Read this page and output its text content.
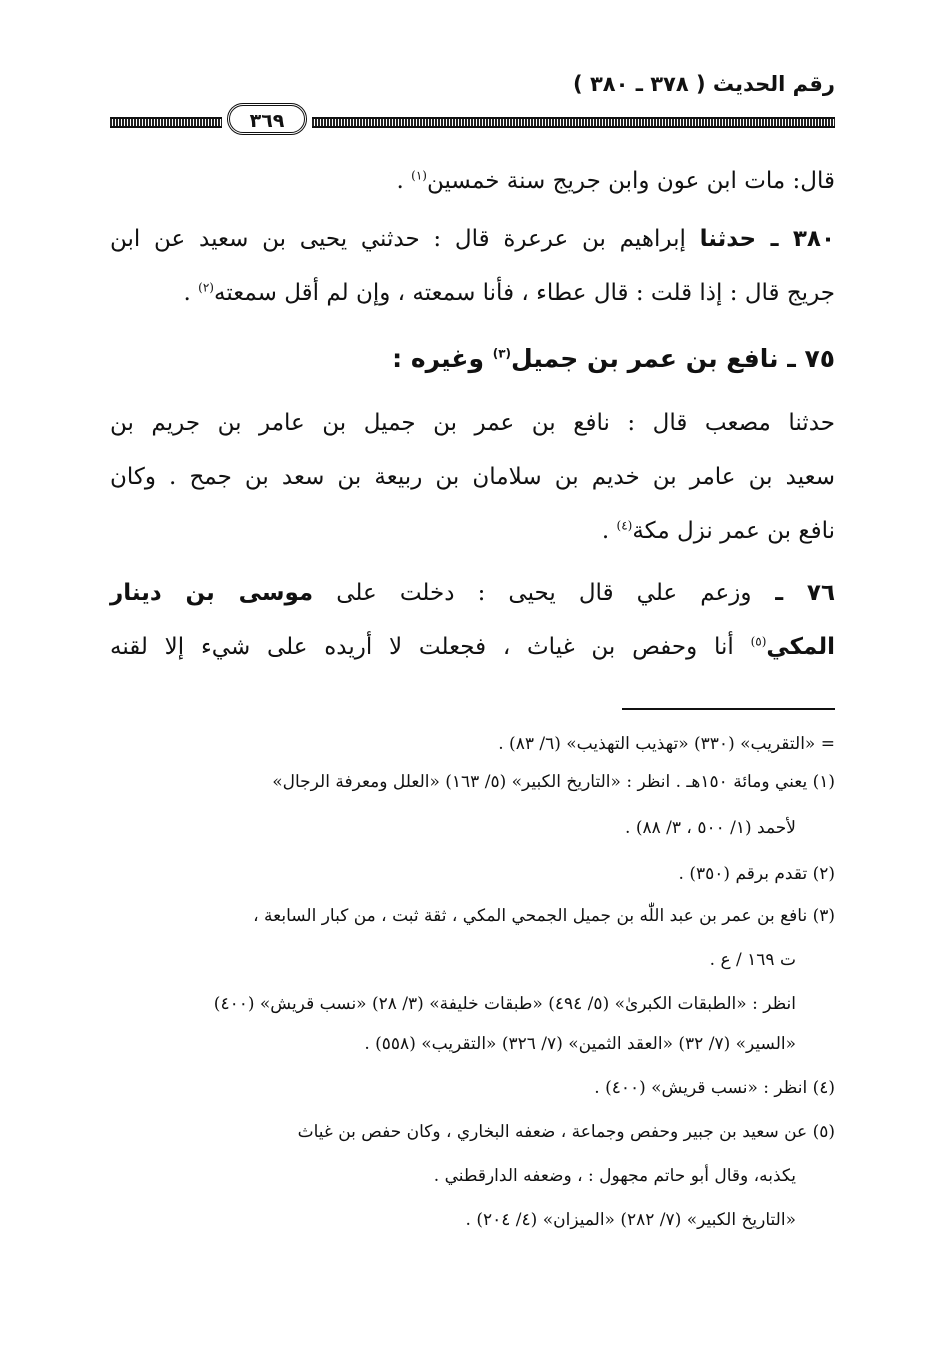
رقم الحديث ( ٣٧٨ ـ ٣٨٠ )
٣٦٩
قال: مات ابن عون وابن جريج سنة خمسين$^{(١)}$ .
٣٨٠ ـ حدثنا إبراهيم بن عرعرة قال : حدثني يحيى بن سعيد عن ابن
جريج قال : إذا قلت : قال عطاء ، فأنا سمعته ، وإن لم أقل سمعته$^{(٢)}$ .
٧٥ ـ نافع بن عمر بن جميل$^{(٣)}$ وغيره :
حدثنا مصعب قال : نافع بن عمر بن جميل بن عامر بن جريم بن
سعيد بن عامر بن خديم بن سلامان بن ربيعة بن سعد بن جمح . وكان
نافع بن عمر نزل مكة$^{(٤)}$ .
٧٦ ـ وزعم علي قال يحيى : دخلت على موسى بن دينار
المكي$^{(٥)}$ أنا وحفص بن غياث ، فجعلت لا أريده على شيء إلا لقنه
= «التقريب» (٣٣٠) «تهذيب التهذيب» (٦/ ٨٣) .
(١) يعني ومائة ١٥٠هـ . انظر : «التاريخ الكبير» (٥/ ١٦٣) «العلل ومعرفة الرجال»
لأحمد (١/ ٥٠٠ ، ٣/ ٨٨) .
(٢) تقدم برقم (٣٥٠) .
(٣) نافع بن عمر بن عبد اللّٰه بن جميل الجمحي المكي ، ثقة ثبت ، من كبار السابعة ،
ت ١٦٩ / ع .
انظر : «الطبقات الكبرىٰ» (٥/ ٤٩٤) «طبقات خليفة» (٣/ ٢٨) «نسب قريش» (٤٠٠)
«السير» (٧/ ٣٢) «العقد الثمين» (٧/ ٣٢٦) «التقريب» (٥٥٨) .
(٤) انظر : «نسب قريش» (٤٠٠) .
(٥) عن سعيد بن جبير وحفص وجماعة ، ضعفه البخاري ، وكان حفص بن غياث
يكذبه، وقال أبو حاتم مجهول : ، وضعفه الدارقطني .
«التاريخ الكبير» (٧/ ٢٨٢) «الميزان» (٤/ ٢٠٤) .
